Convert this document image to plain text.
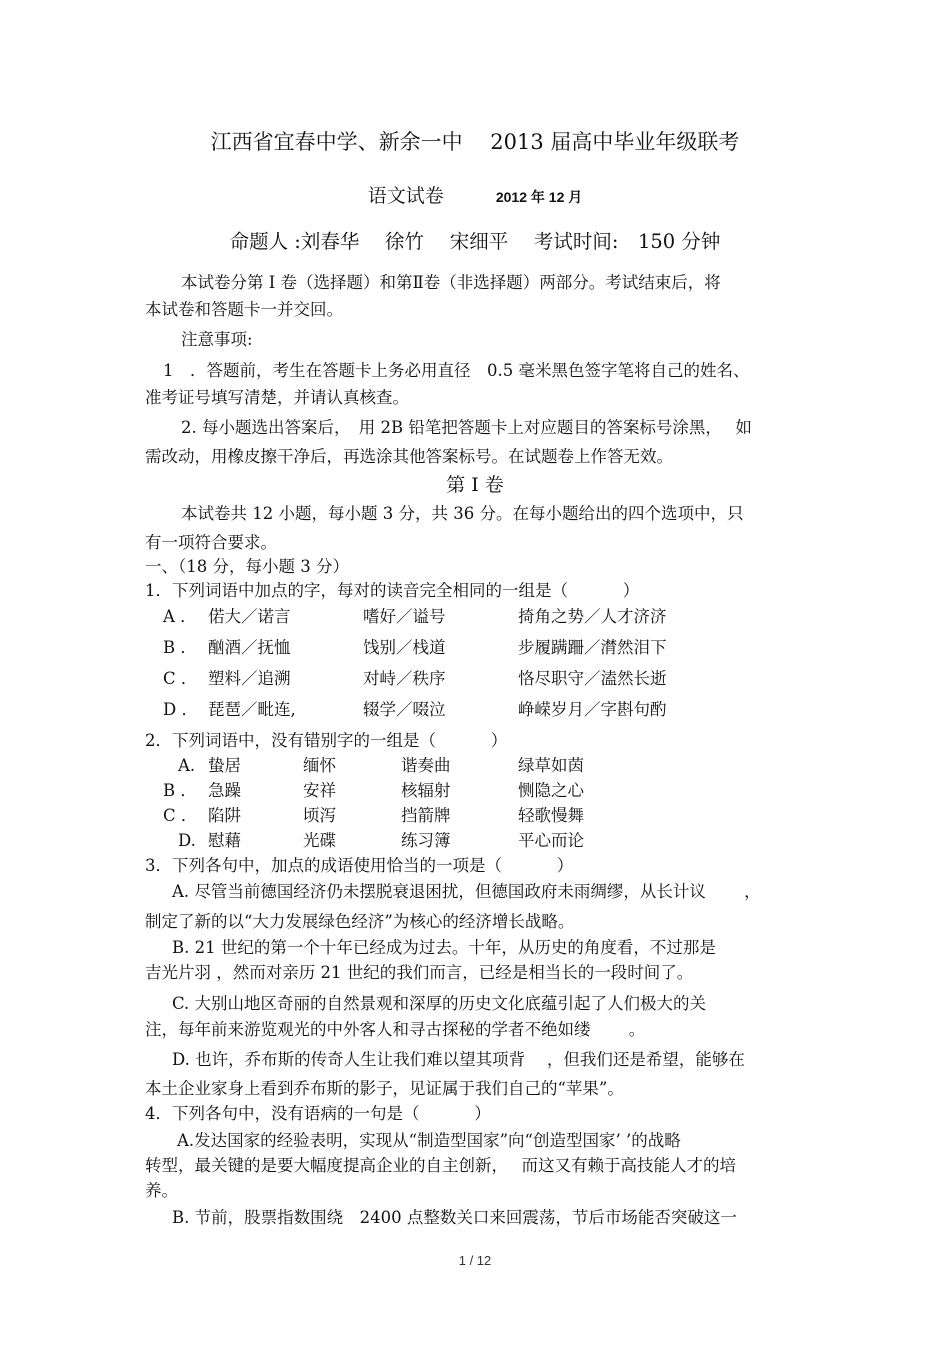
江西省宜春中学、新余一中　 2013 届高中毕业年级联考
语文试卷	2012 年 12 月
命题人 :刘春华　 徐竹　 宋细平　 考试时间:　150 分钟
本试卷分第 Ⅰ 卷（选择题）和第Ⅱ卷（非选择题）两部分。考试结束后，将
本试卷和答题卡一并交回。
注意事项:
1　．答题前，考生在答题卡上务必用直径　0.5 毫米黑色签字笔将自己的姓名、
准考证号填写清楚，并请认真核查。
2. 每小题选出答案后，　用 2B 铅笔把答题卡上对应题目的答案标号涂黑，　 如
需改动，用橡皮擦干净后，再选涂其他答案标号。在试题卷上作答无效。
第 Ⅰ 卷
本试卷共 12 小题，每小题 3 分，共 36 分。在每小题给出的四个选项中，只
有一项符合要求。
一、（18 分，每小题 3 分）
1．下列词语中加点的字，每对的读音完全相同的一组是（　　　 ）
A ． 偌大／诺言	嗜好／谥号	掎角之势／人才济济
B ． 酗酒／抚恤	饯别／栈道	步履蹒跚／潸然泪下
C ． 塑料／追溯	对峙／秩序	恪尽职守／溘然长逝
D ． 琵琶／毗连,	辍学／啜泣	峥嵘岁月／字斟句酌
2．下列词语中，没有错别字的一组是（　　　 ）
A. 蛰居	缅怀	谐奏曲	绿草如茵
B ． 急躁	安祥	核辐射	恻隐之心
C ． 陷阱	顷泻	挡箭牌	轻歌慢舞
D. 慰藉	光碟	练习簿	平心而论
3．下列各句中，加点的成语使用恰当的一项是（　　　 ）
A. 尽管当前德国经济仍未摆脱衰退困扰，但德国政府未雨绸缪，从长计议　　 ，
制定了新的以“大力发展绿色经济”为核心的经济增长战略。
B. 21 世纪的第一个十年已经成为过去。十年，从历史的角度看，不过那是
吉光片羽 ，然而对亲历 21 世纪的我们而言，已经是相当长的一段时间了。
C. 大别山地区奇丽的自然景观和深厚的历史文化底蕴引起了人们极大的关
注，每年前来游览观光的中外客人和寻古探秘的学者不绝如缕　　 。
D. 也许，乔布斯的传奇人生让我们难以望其项背　 ，但我们还是希望，能够在
本土企业家身上看到乔布斯的影子，见证属于我们自己的“苹果”。
4．下列各句中，没有语病的一句是（　　　 ）
A.发达国家的经验表明，实现从“制造型国家”向“创造型国家’ ’的战略
转型，最关键的是要大幅度提高企业的自主创新，　 而这又有赖于高技能人才的培
养。
B. 节前，股票指数围绕　2400 点整数关口来回震荡，节后市场能否突破这一
1 / 12
